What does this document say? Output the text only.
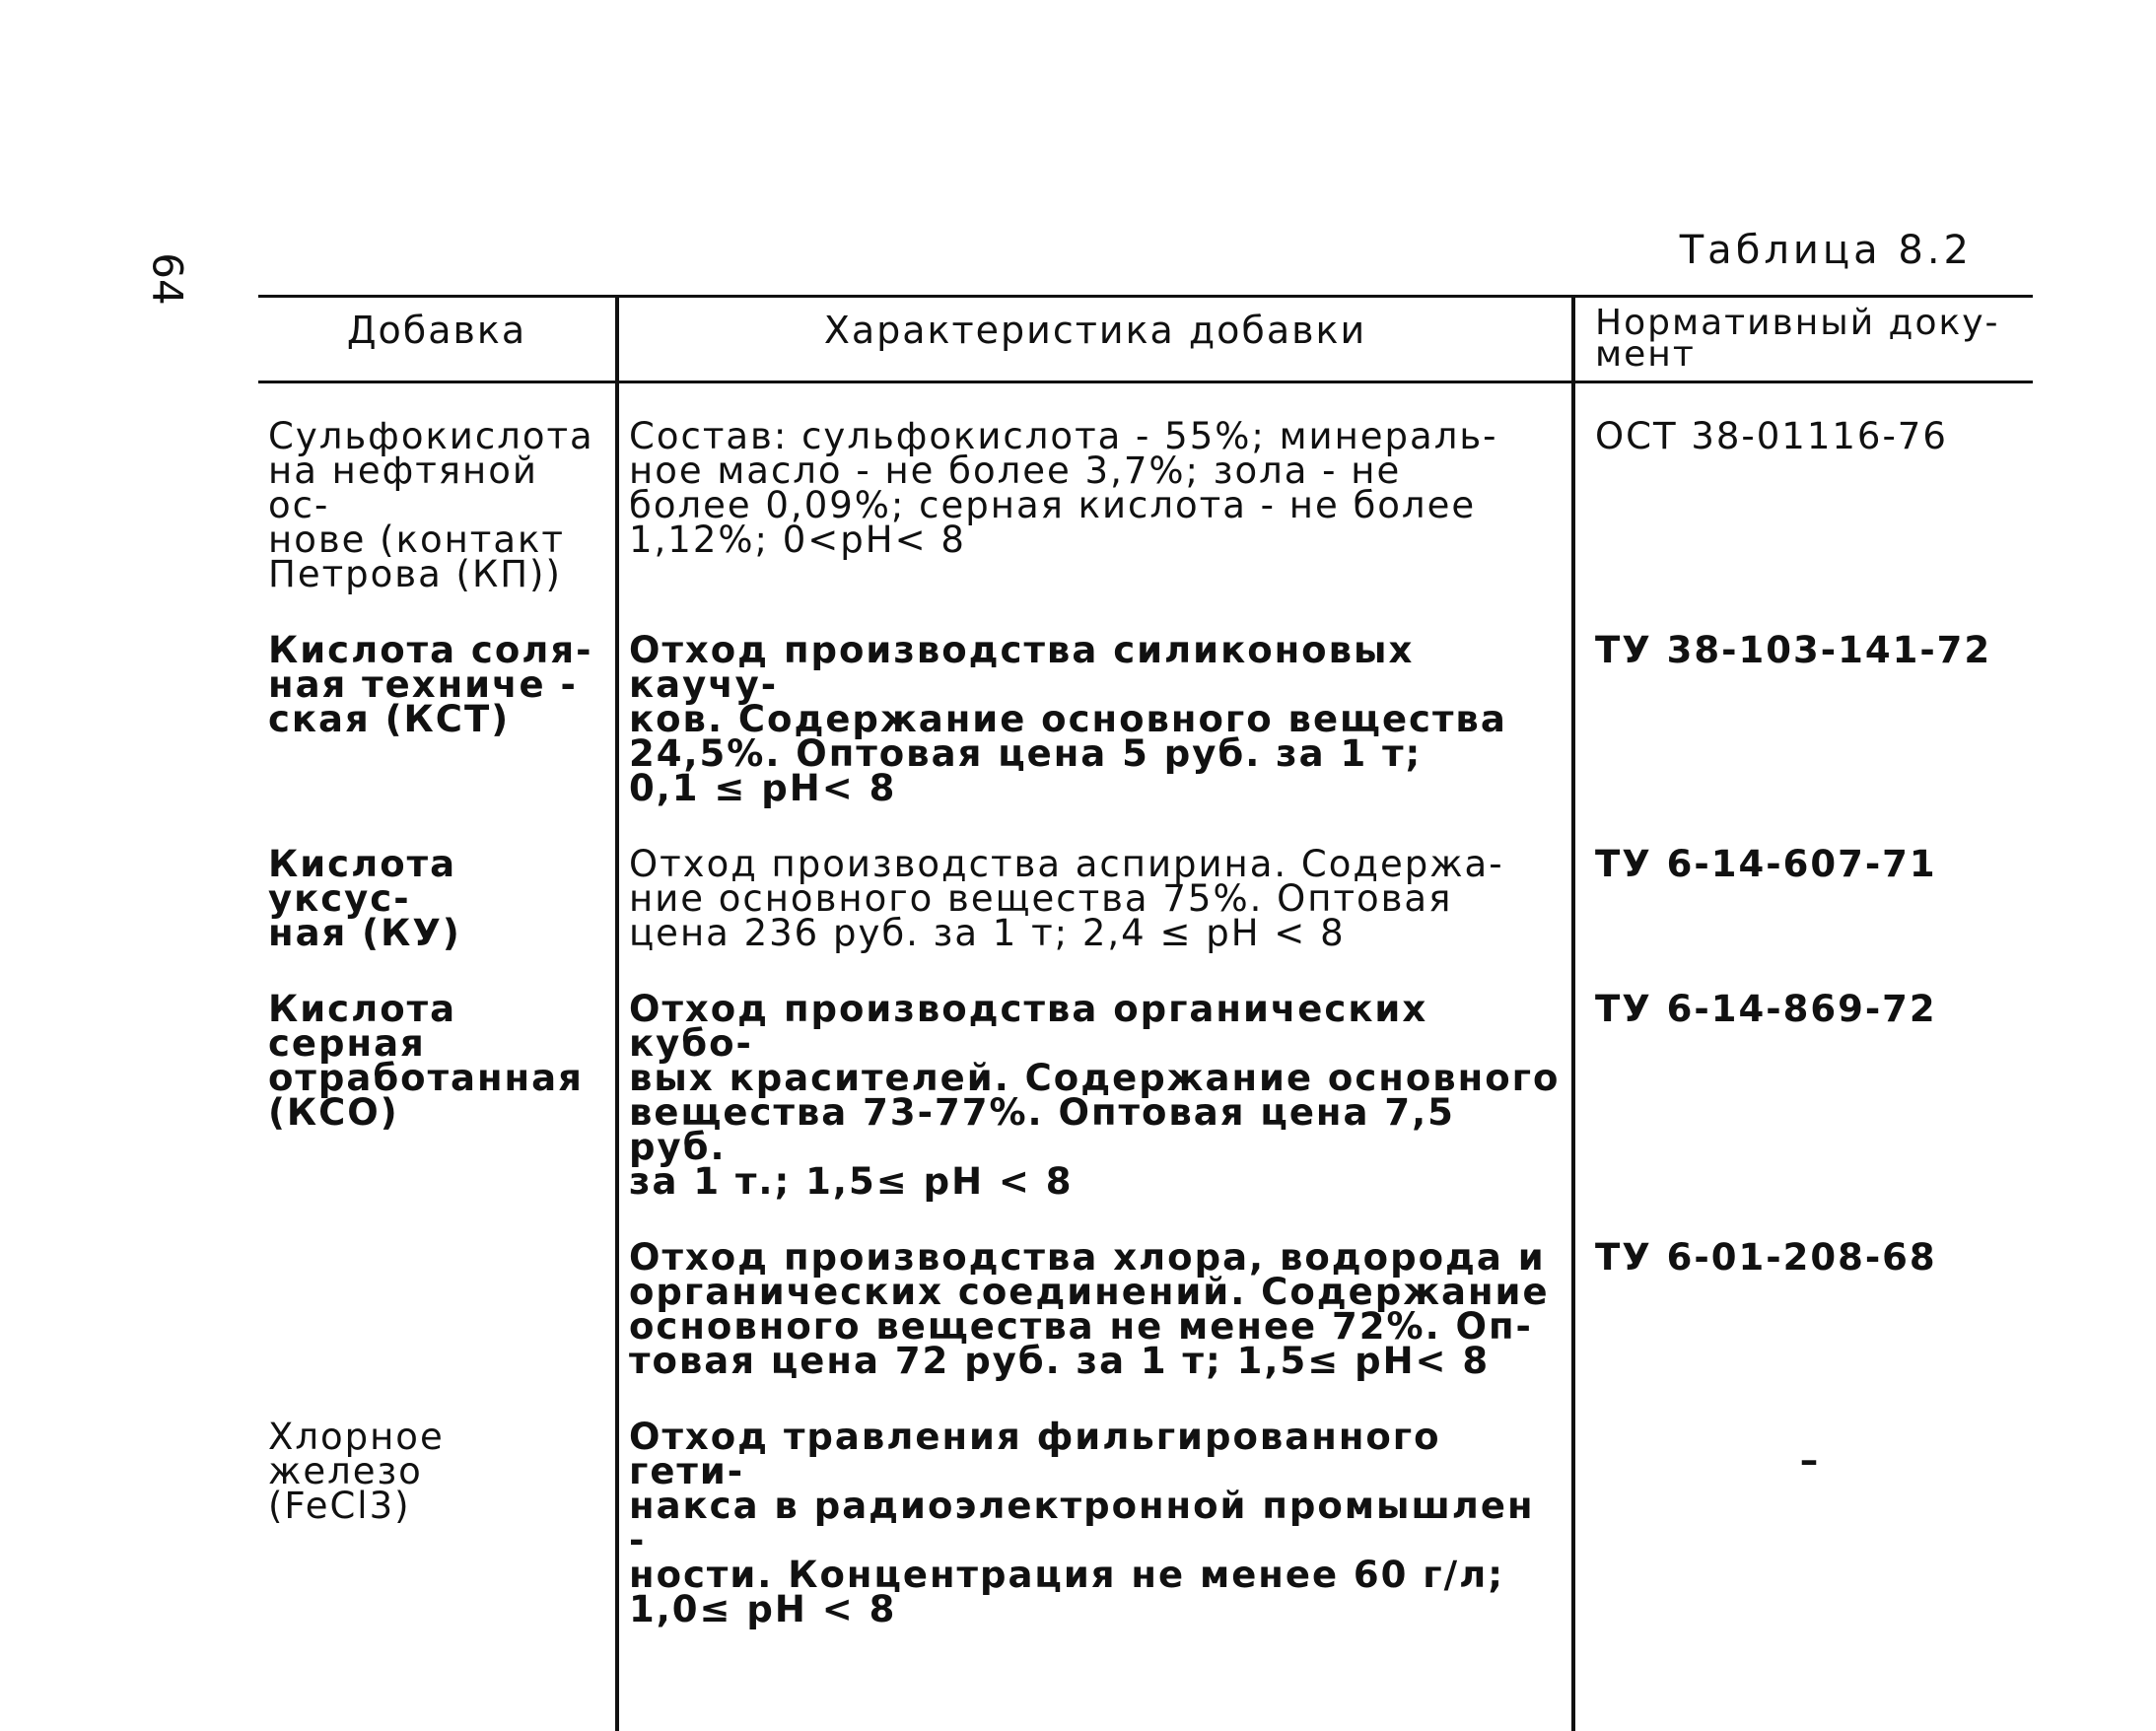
64
Таблица 8.2
Добавка	Характеристика добавки	Нормативный доку-
мент
Сульфокислота
на нефтяной ос-
нове (контакт
Петрова (КП))	Состав: сульфокислота - 55%; минераль-
ное масло - не более 3,7%; зола - не
более 0,09%; серная кислота - не более
1,12%; 0<pH< 8	ОСТ 38-01116-76
Кислота соля-
ная техниче -
ская (КСТ)	Отход производства силиконовых каучу-
ков. Содержание основного вещества
24,5%. Оптовая цена 5 руб. за 1 т;
0,1 ≤ pH< 8	ТУ 38-103-141-72
Кислота уксус-
ная (КУ)	Отход производства аспирина. Содержа-
ние основного вещества 75%. Оптовая
цена 236 руб. за 1 т; 2,4 ≤ pH < 8	ТУ 6-14-607-71
Кислота серная
отработанная
(КСО)	Отход производства органических кубо-
вых красителей. Содержание основного
вещества 73-77%. Оптовая цена 7,5 руб.
за 1 т.; 1,5≤ pH < 8	ТУ 6-14-869-72
	Отход производства хлора, водорода и
органических соединений. Содержание
основного вещества не менее 72%. Оп-
товая цена 72 руб. за 1 т; 1,5≤ pH< 8	ТУ 6-01-208-68
Хлорное железо
(FeCl3)	Отход травления фильгированного гети-
накса в радиоэлектронной промышлен -
ности. Концентрация не менее 60 г/л;
1,0≤ pH < 8	–
